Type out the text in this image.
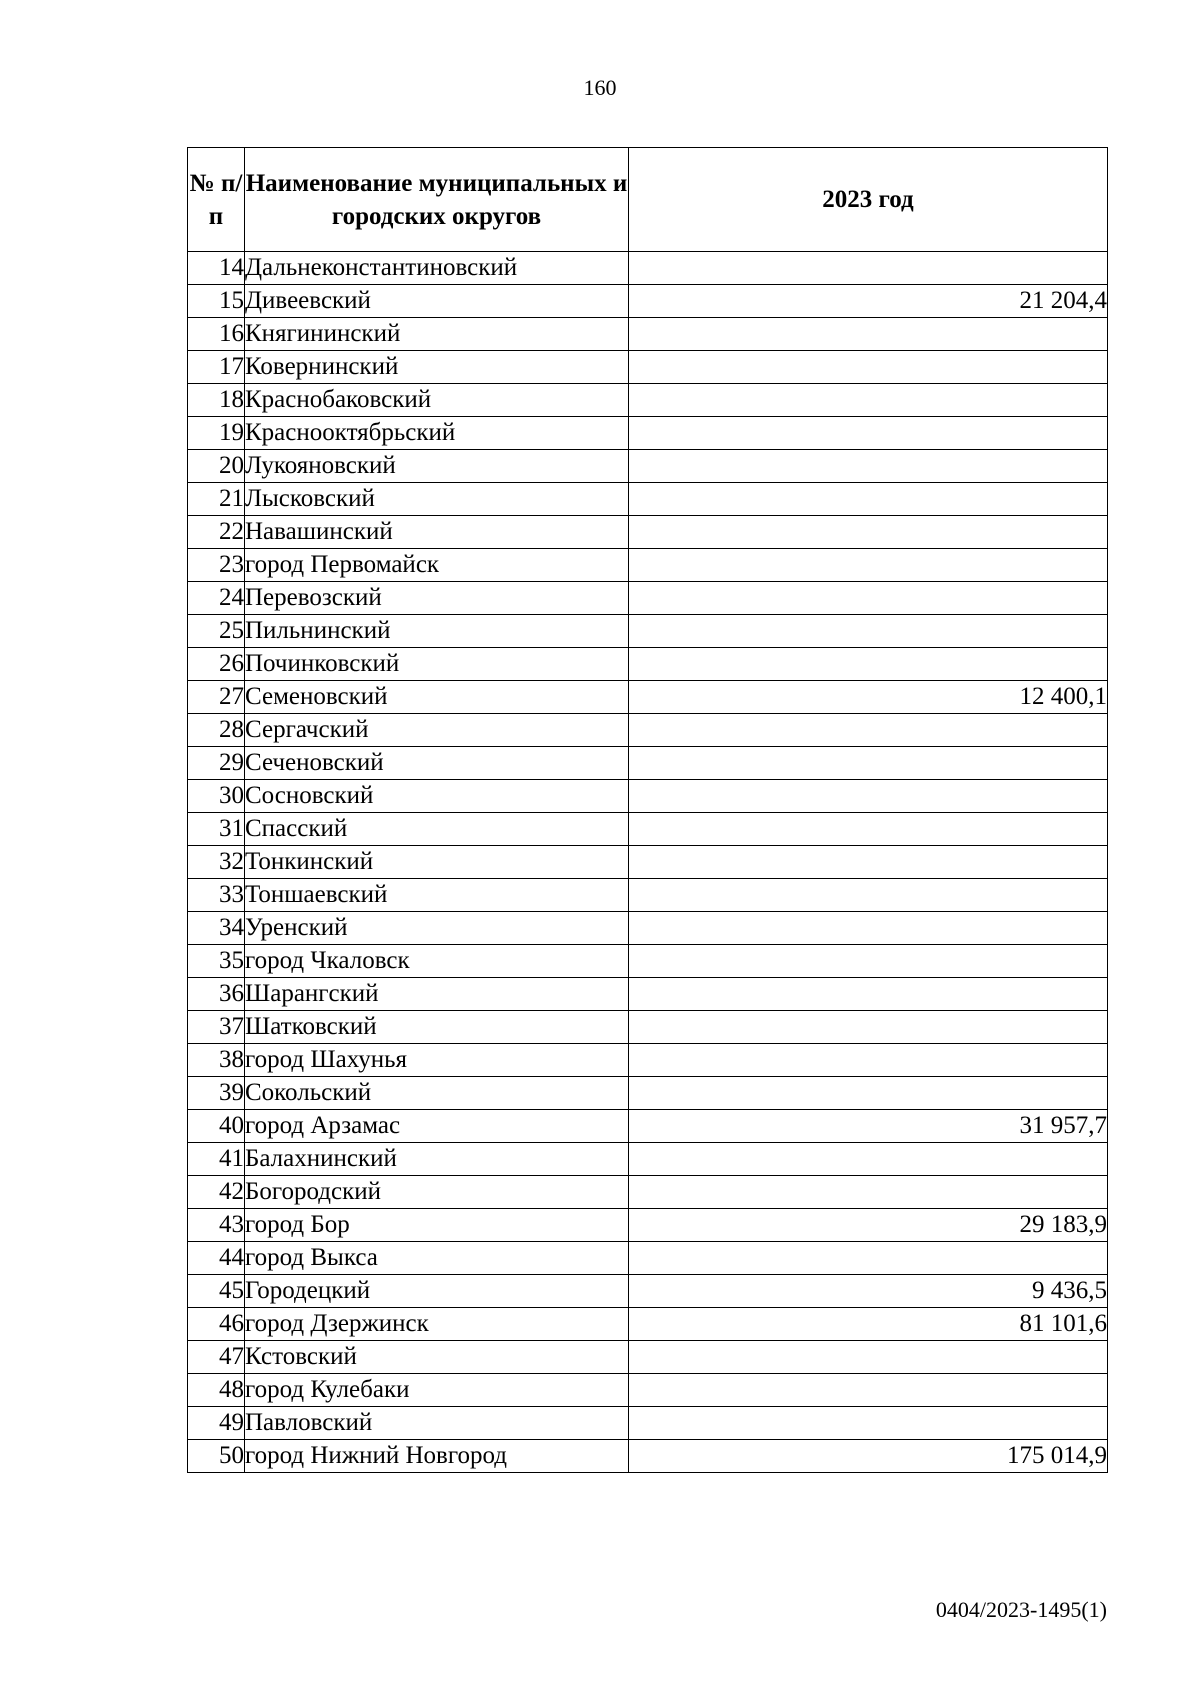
160
№ п/п	Наименование муниципальных и городских округов	2023 год
14	Дальнеконстантиновский	
15	Дивеевский	21 204,4
16	Княгининский	
17	Ковернинский	
18	Краснобаковский	
19	Краснооктябрьский	
20	Лукояновский	
21	Лысковский	
22	Навашинский	
23	город Первомайск	
24	Перевозский	
25	Пильнинский	
26	Починковский	
27	Семеновский	12 400,1
28	Сергачский	
29	Сеченовский	
30	Сосновский	
31	Спасский	
32	Тонкинский	
33	Тоншаевский	
34	Уренский	
35	город Чкаловск	
36	Шарангский	
37	Шатковский	
38	город Шахунья	
39	Сокольский	
40	город Арзамас	31 957,7
41	Балахнинский	
42	Богородский	
43	город Бор	29 183,9
44	город Выкса	
45	Городецкий	9 436,5
46	город Дзержинск	81 101,6
47	Кстовский	
48	город Кулебаки	
49	Павловский	
50	город Нижний Новгород	175 014,9
0404/2023-1495(1)
